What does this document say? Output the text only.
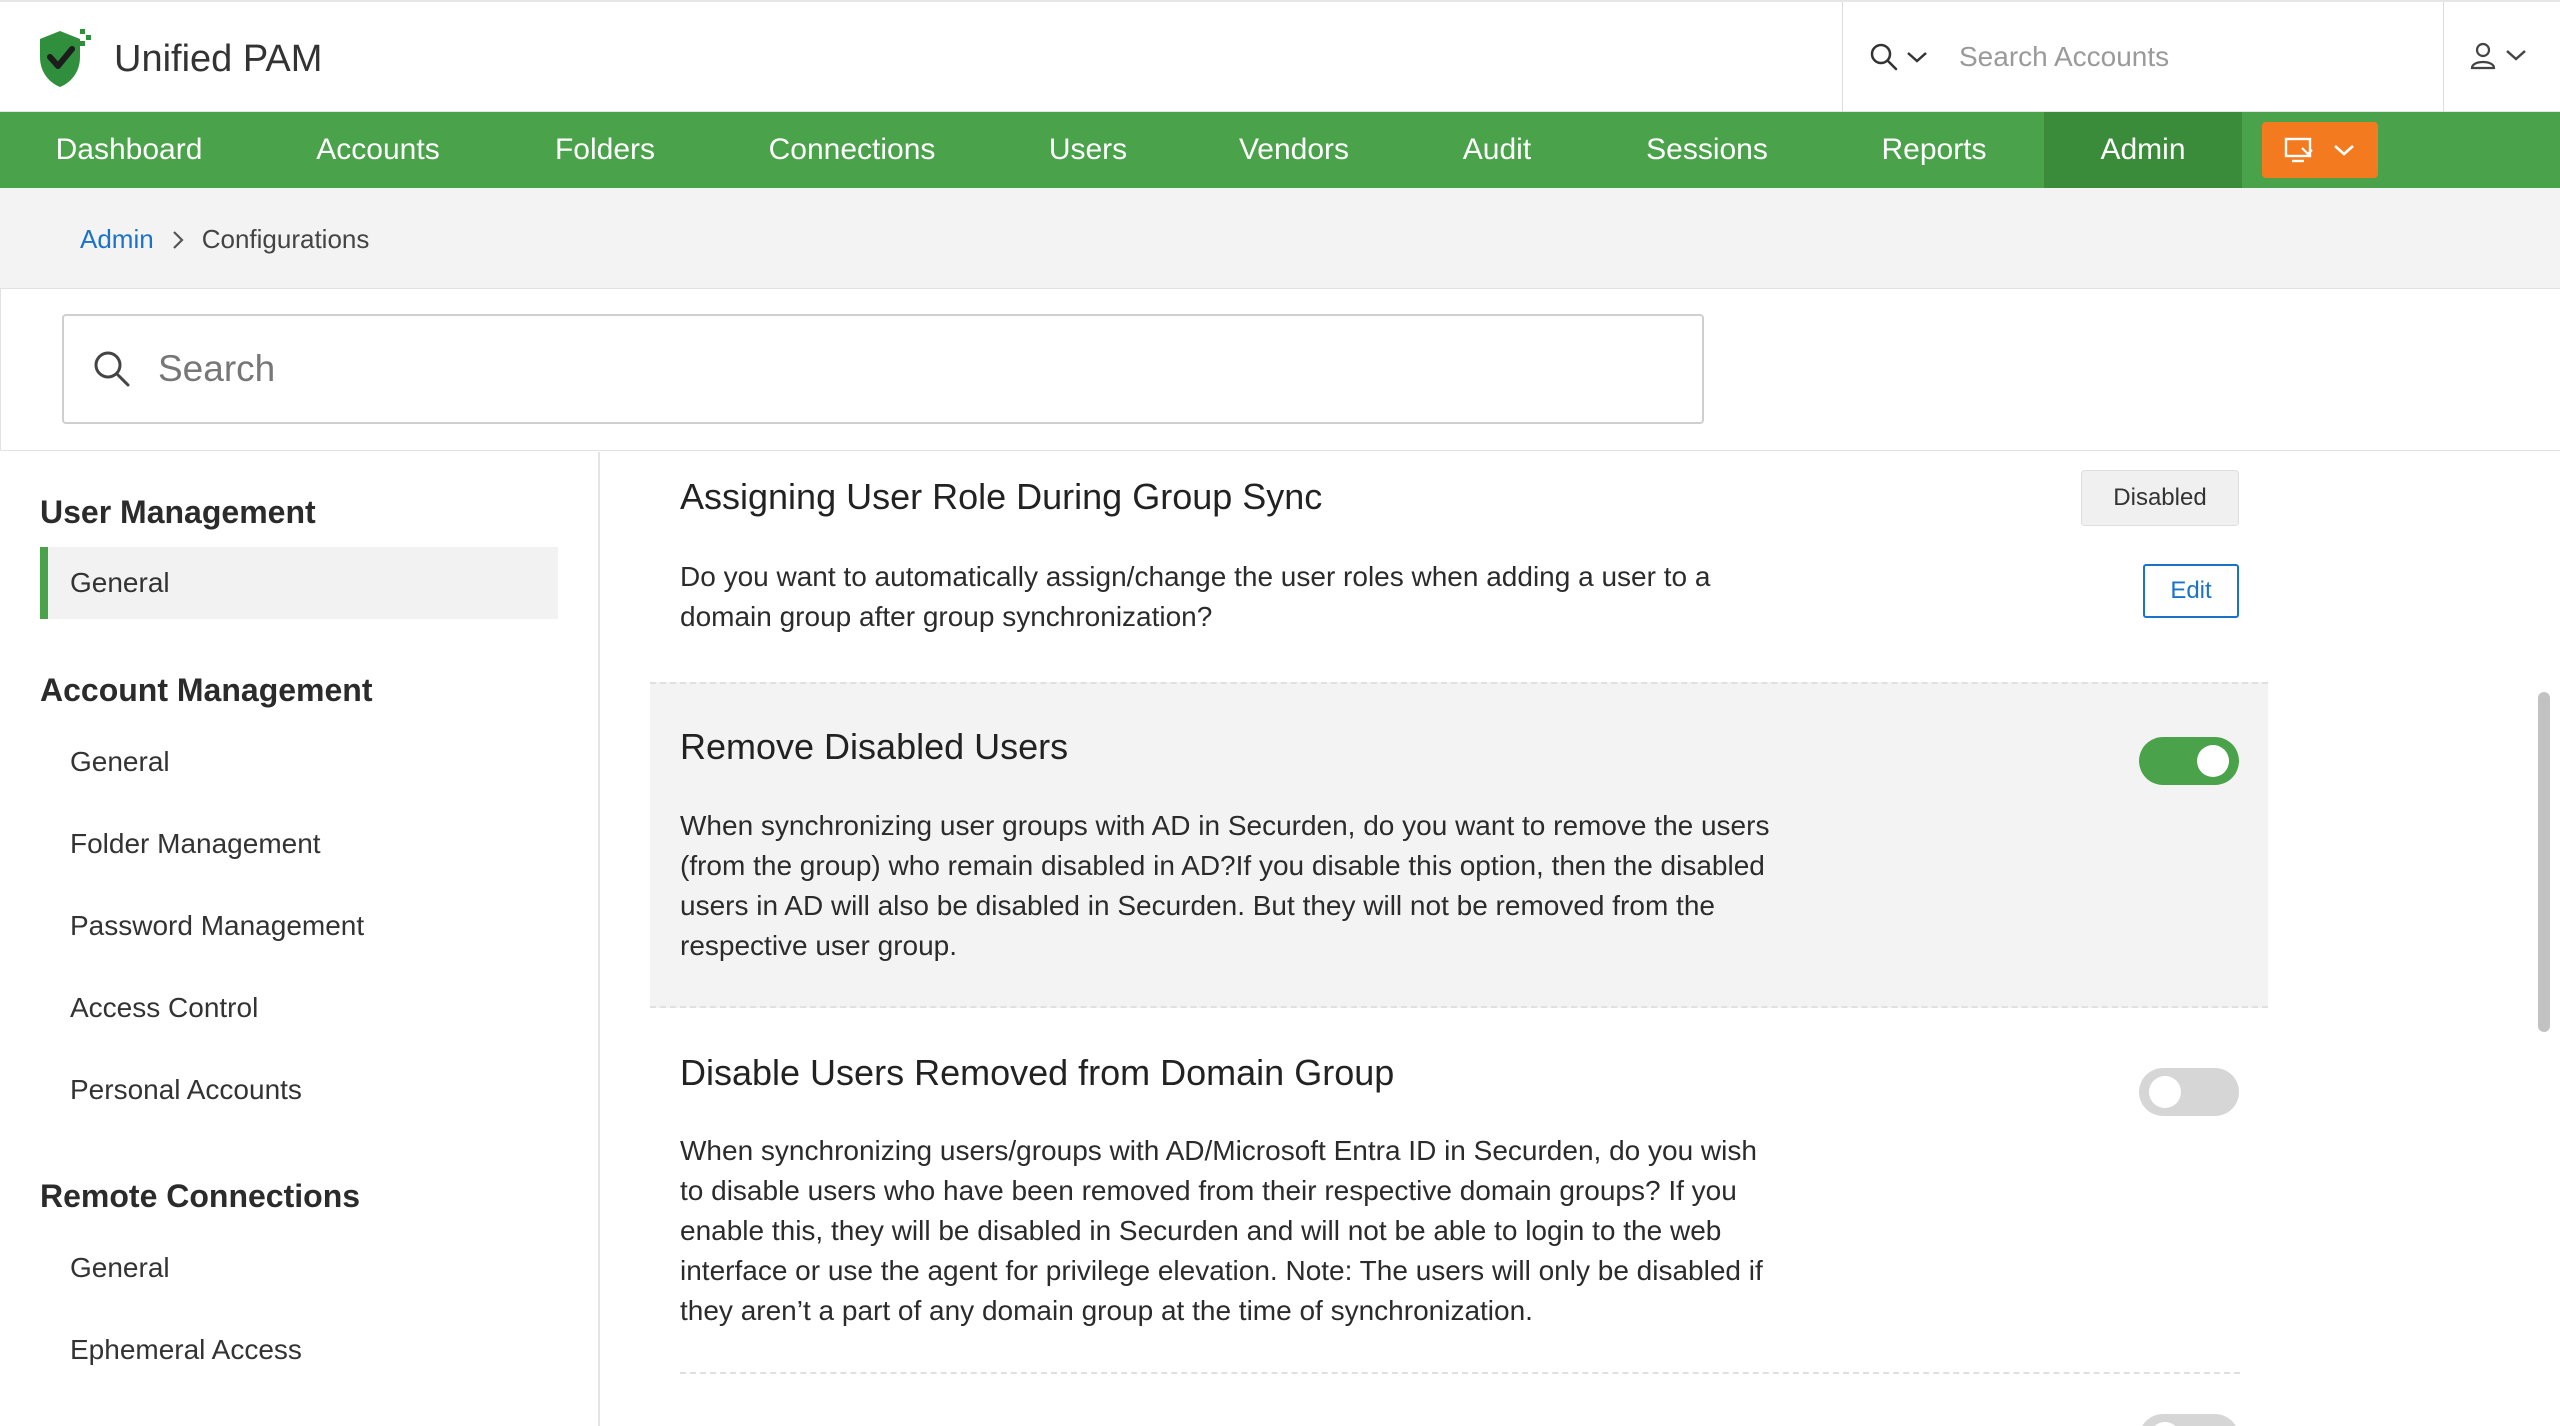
Unified PAM	Search Accounts
Dashboard	Accounts	Folders	Connections	Users	Vendors	Audit	Sessions	Reports	Admin
Admin Configurations
Search
User Management
General
Account Management
General
Folder Management
Password Management
Access Control
Personal Accounts
Remote Connections
General
Ephemeral Access
Assigning User Role During Group Sync	Disabled
Do you want to automatically assign/change the user roles when adding a user to a
domain group after group synchronization?
Edit
Remove Disabled Users
When synchronizing user groups with AD in Securden, do you want to remove the users
(from the group) who remain disabled in AD?If you disable this option, then the disabled
users in AD will also be disabled in Securden. But they will not be removed from the
respective user group.
Disable Users Removed from Domain Group
When synchronizing users/groups with AD/Microsoft Entra ID in Securden, do you wish
to disable users who have been removed from their respective domain groups? If you
enable this, they will be disabled in Securden and will not be able to login to the web
interface or use the agent for privilege elevation. Note: The users will only be disabled if
they aren’t a part of any domain group at the time of synchronization.
